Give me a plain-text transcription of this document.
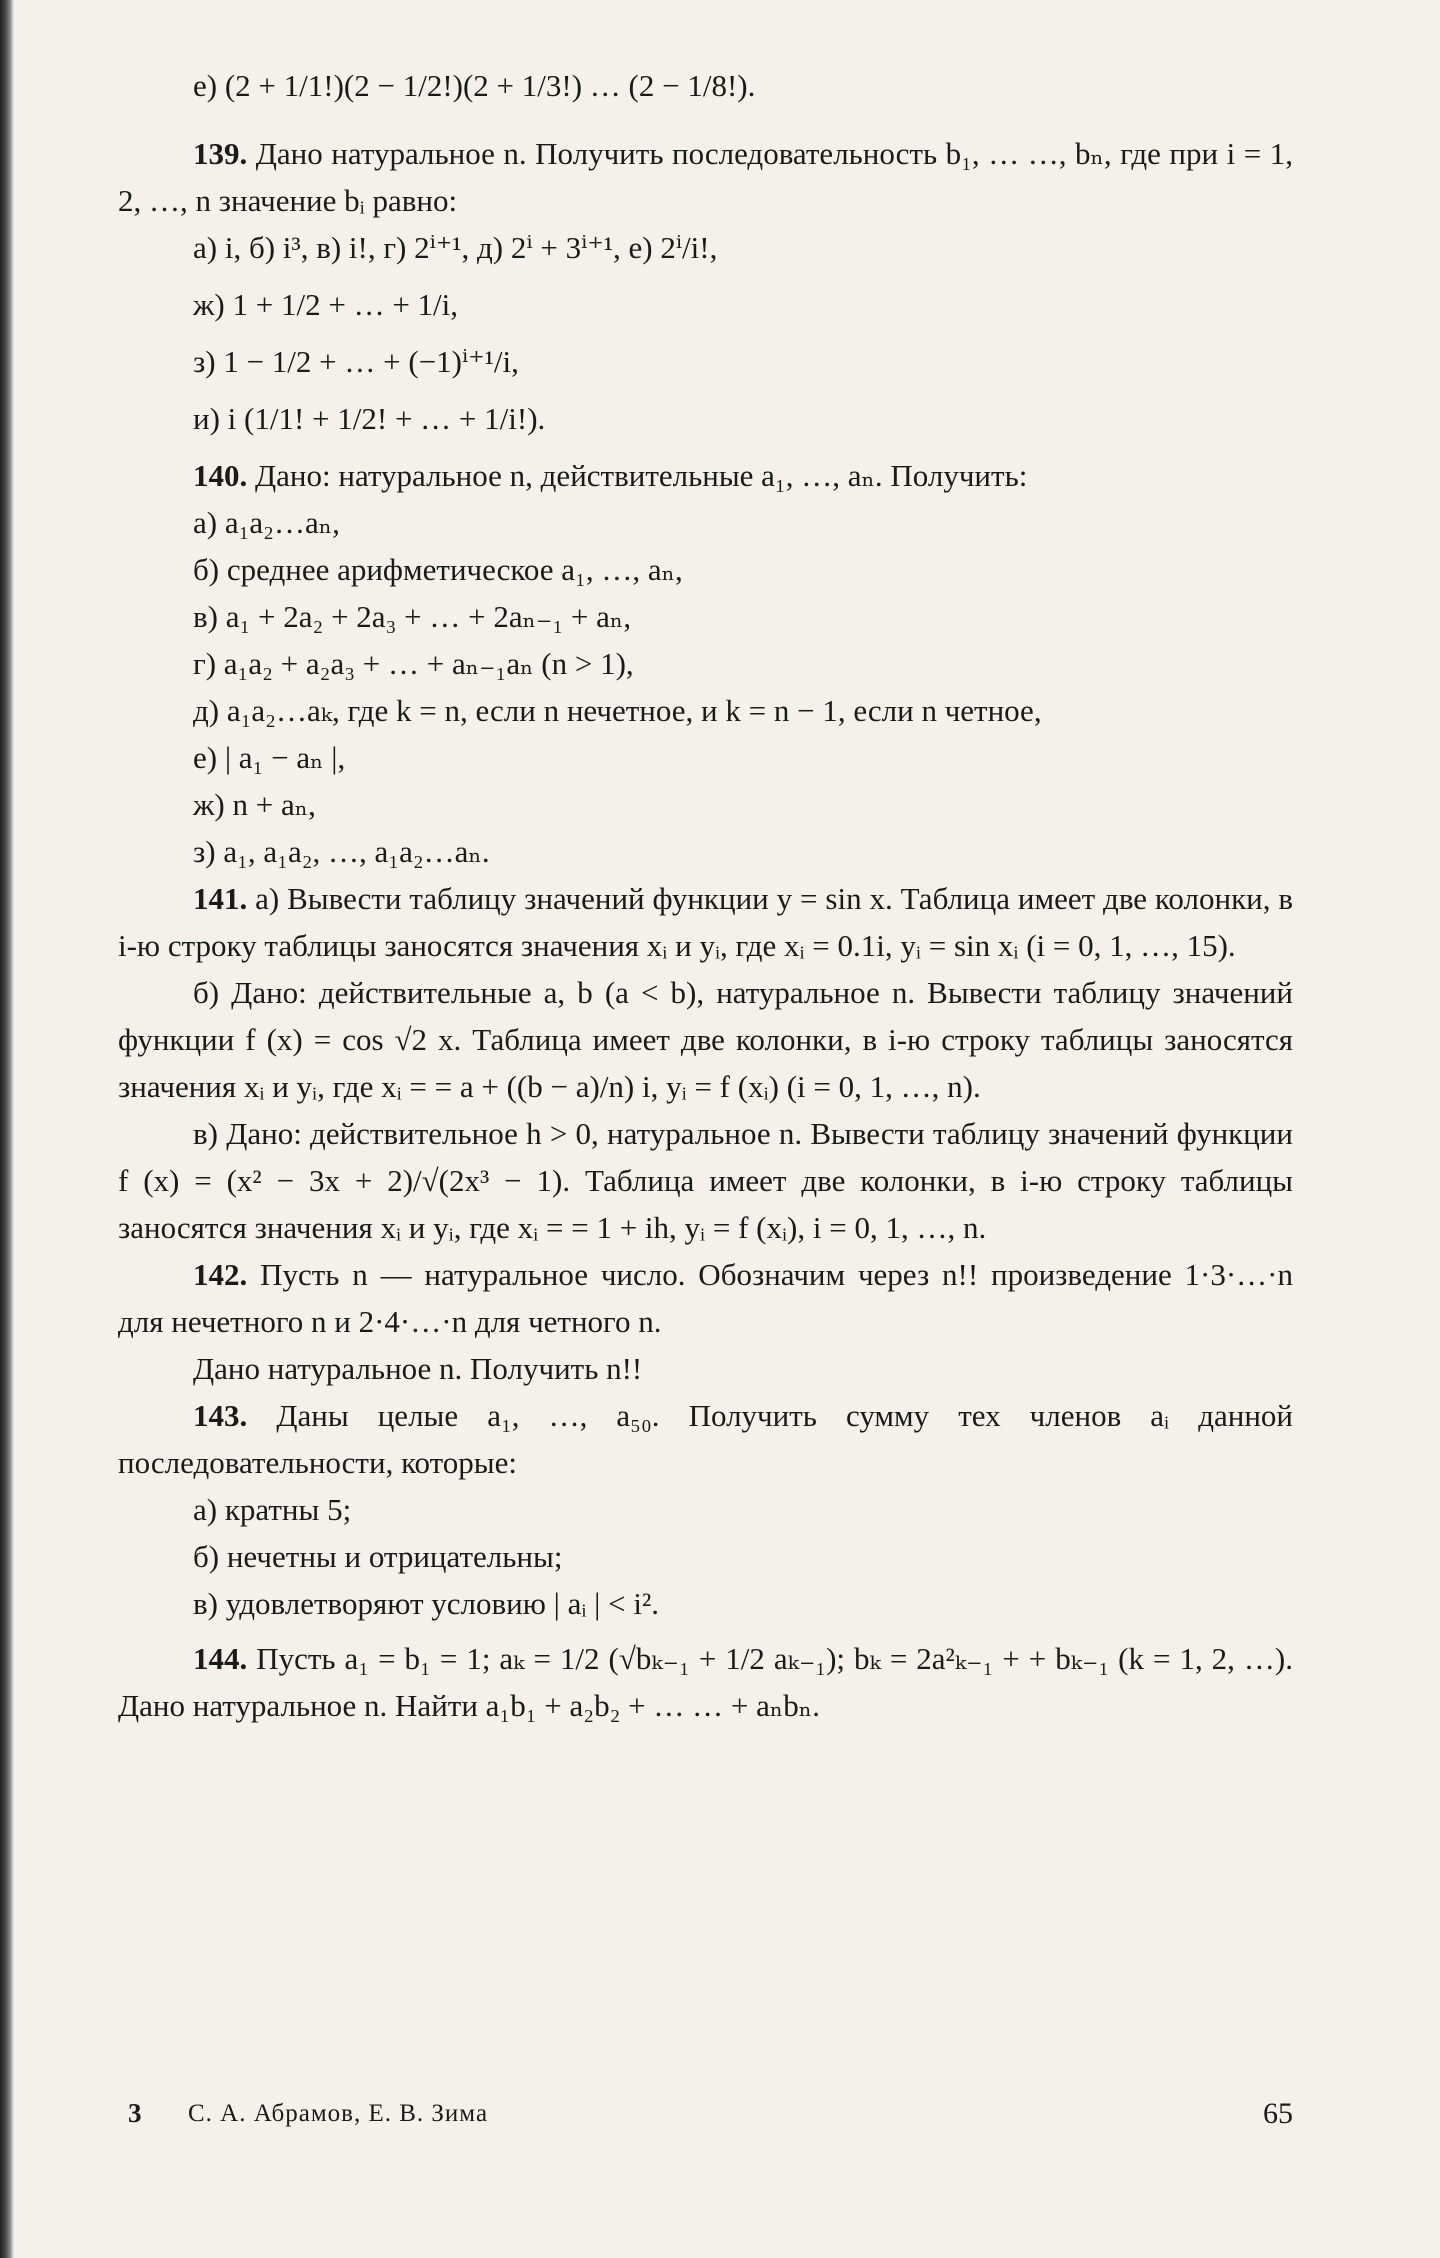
е) (2 + 1/1!)(2 − 1/2!)(2 + 1/3!) … (2 − 1/8!).

139. Дано натуральное n. Получить последовательность b₁, … …, bₙ, где при i = 1, 2, …, n значение bᵢ равно:

а) i, б) i³, в) i!, г) 2ⁱ⁺¹, д) 2ⁱ + 3ⁱ⁺¹, е) 2ⁱ/i!,

ж) 1 + 1/2 + … + 1/i,

з) 1 − 1/2 + … + (−1)ⁱ⁺¹/i,

и) i (1/1! + 1/2! + … + 1/i!).

140. Дано: натуральное n, действительные a₁, …, aₙ. Получить:

а) a₁a₂…aₙ,

б) среднее арифметическое a₁, …, aₙ,

в) a₁ + 2a₂ + 2a₃ + … + 2aₙ₋₁ + aₙ,

г) a₁a₂ + a₂a₃ + … + aₙ₋₁aₙ (n > 1),

д) a₁a₂…aₖ, где k = n, если n нечетное, и k = n − 1, если n четное,

е) | a₁ − aₙ |,

ж) n + aₙ,

з) a₁, a₁a₂, …, a₁a₂…aₙ.

141. а) Вывести таблицу значений функции y = sin x. Таблица имеет две колонки, в i-ю строку таблицы заносятся значения xᵢ и yᵢ, где xᵢ = 0.1i, yᵢ = sin xᵢ (i = 0, 1, …, 15).

б) Дано: действительные a, b (a < b), натуральное n. Вывести таблицу значений функции f (x) = cos √2 x. Таблица имеет две колонки, в i-ю строку таблицы заносятся значения xᵢ и yᵢ, где xᵢ = = a + ((b − a)/n) i, yᵢ = f (xᵢ) (i = 0, 1, …, n).

в) Дано: действительное h > 0, натуральное n. Вывести таблицу значений функции f (x) = (x² − 3x + 2)/√(2x³ − 1). Таблица имеет две колонки, в i-ю строку таблицы заносятся значения xᵢ и yᵢ, где xᵢ = = 1 + ih, yᵢ = f (xᵢ), i = 0, 1, …, n.

142. Пусть n — натуральное число. Обозначим через n!! произведение 1·3·…·n для нечетного n и 2·4·…·n для четного n.

Дано натуральное n. Получить n!!

143. Даны целые a₁, …, a₅₀. Получить сумму тех членов aᵢ данной последовательности, которые:

а) кратны 5;

б) нечетны и отрицательны;

в) удовлетворяют условию | aᵢ | < i².

144. Пусть a₁ = b₁ = 1; aₖ = 1/2 (√bₖ₋₁ + 1/2 aₖ₋₁); bₖ = 2a²ₖ₋₁ + + bₖ₋₁ (k = 1, 2, …). Дано натуральное n. Найти a₁b₁ + a₂b₂ + … … + aₙbₙ.

3 С. А. Абрамов, Е. В. Зима	65
